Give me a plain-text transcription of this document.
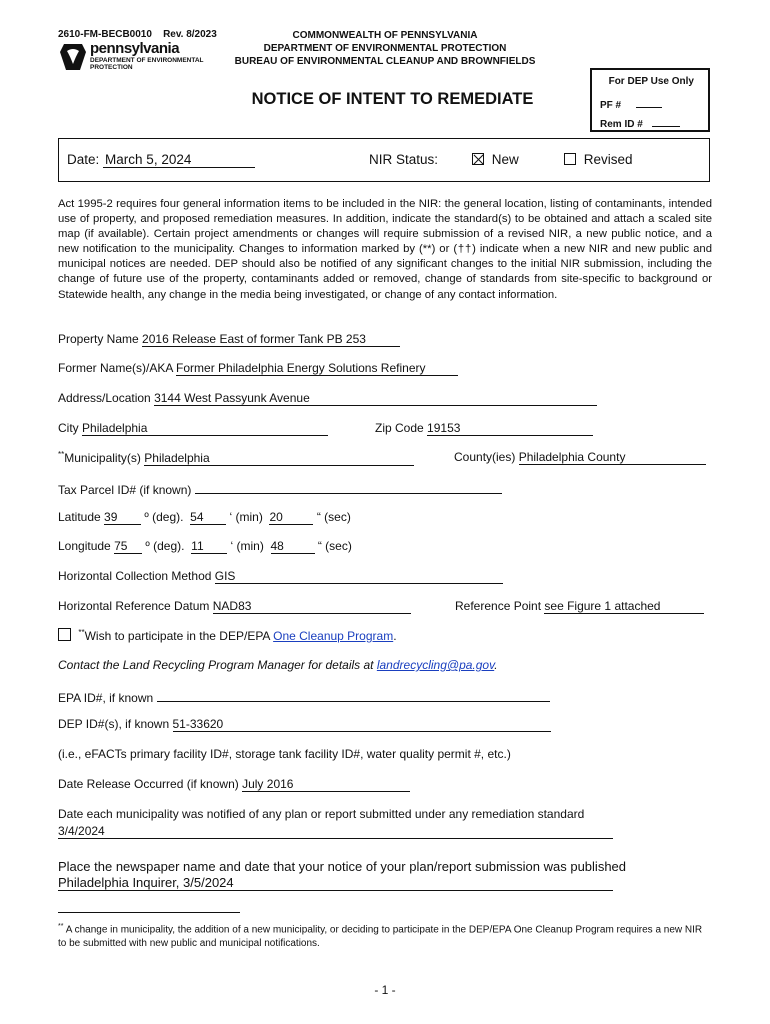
2610-FM-BECB0010 Rev. 8/2023
pennsylvania
DEPARTMENT OF ENVIRONMENTAL PROTECTION
COMMONWEALTH OF PENNSYLVANIA
DEPARTMENT OF ENVIRONMENTAL PROTECTION
BUREAU OF ENVIRONMENTAL CLEANUP AND BROWNFIELDS
NOTICE OF INTENT TO REMEDIATE
For DEP Use Only
PF #
Rem ID #
Date: March 5, 2024	NIR Status:	New	Revised
Act 1995-2 requires four general information items to be included in the NIR: the general location, listing of contaminants, intended use of property, and proposed remediation measures. In addition, indicate the standard(s) to be obtained and attach a scaled site map (if available). Certain project amendments or changes will require submission of a revised NIR, a new public notice, and a new notification to the municipality. Changes to information marked by (**) or (††) indicate when a new NIR and new public and municipal notices are needed. DEP should also be notified of any significant changes to the initial NIR submission, including the change of future use of the property, contaminants added or removed, change of standards from site-specific to background or Statewide health, any change in the media being investigated, or change of any contact information.
Property Name 2016 Release East of former Tank PB 253
Former Name(s)/AKA Former Philadelphia Energy Solutions Refinery
Address/Location 3144 West Passyunk Avenue
City Philadelphia	Zip Code 19153
**Municipality(s) Philadelphia	County(ies) Philadelphia County
Tax Parcel ID# (if known)
Latitude 39 º (deg). 54 ‘ (min) 20	“ (sec)
Longitude 75 º (deg). 11 ‘ (min) 48	“ (sec)
Horizontal Collection Method GIS
Horizontal Reference Datum NAD83	Reference Point see Figure 1 attached
**Wish to participate in the DEP/EPA One Cleanup Program.
Contact the Land Recycling Program Manager for details at landrecycling@pa.gov.
EPA ID#, if known
DEP ID#(s), if known 51-33620
(i.e., eFACTs primary facility ID#, storage tank facility ID#, water quality permit #, etc.)
Date Release Occurred (if known) July 2016
Date each municipality was notified of any plan or report submitted under any remediation standard
3/4/2024
Place the newspaper name and date that your notice of your plan/report submission was published
Philadelphia Inquirer, 3/5/2024
** A change in municipality, the addition of a new municipality, or deciding to participate in the DEP/EPA One Cleanup Program requires a new NIR to be submitted with new public and municipal notifications.
- 1 -
